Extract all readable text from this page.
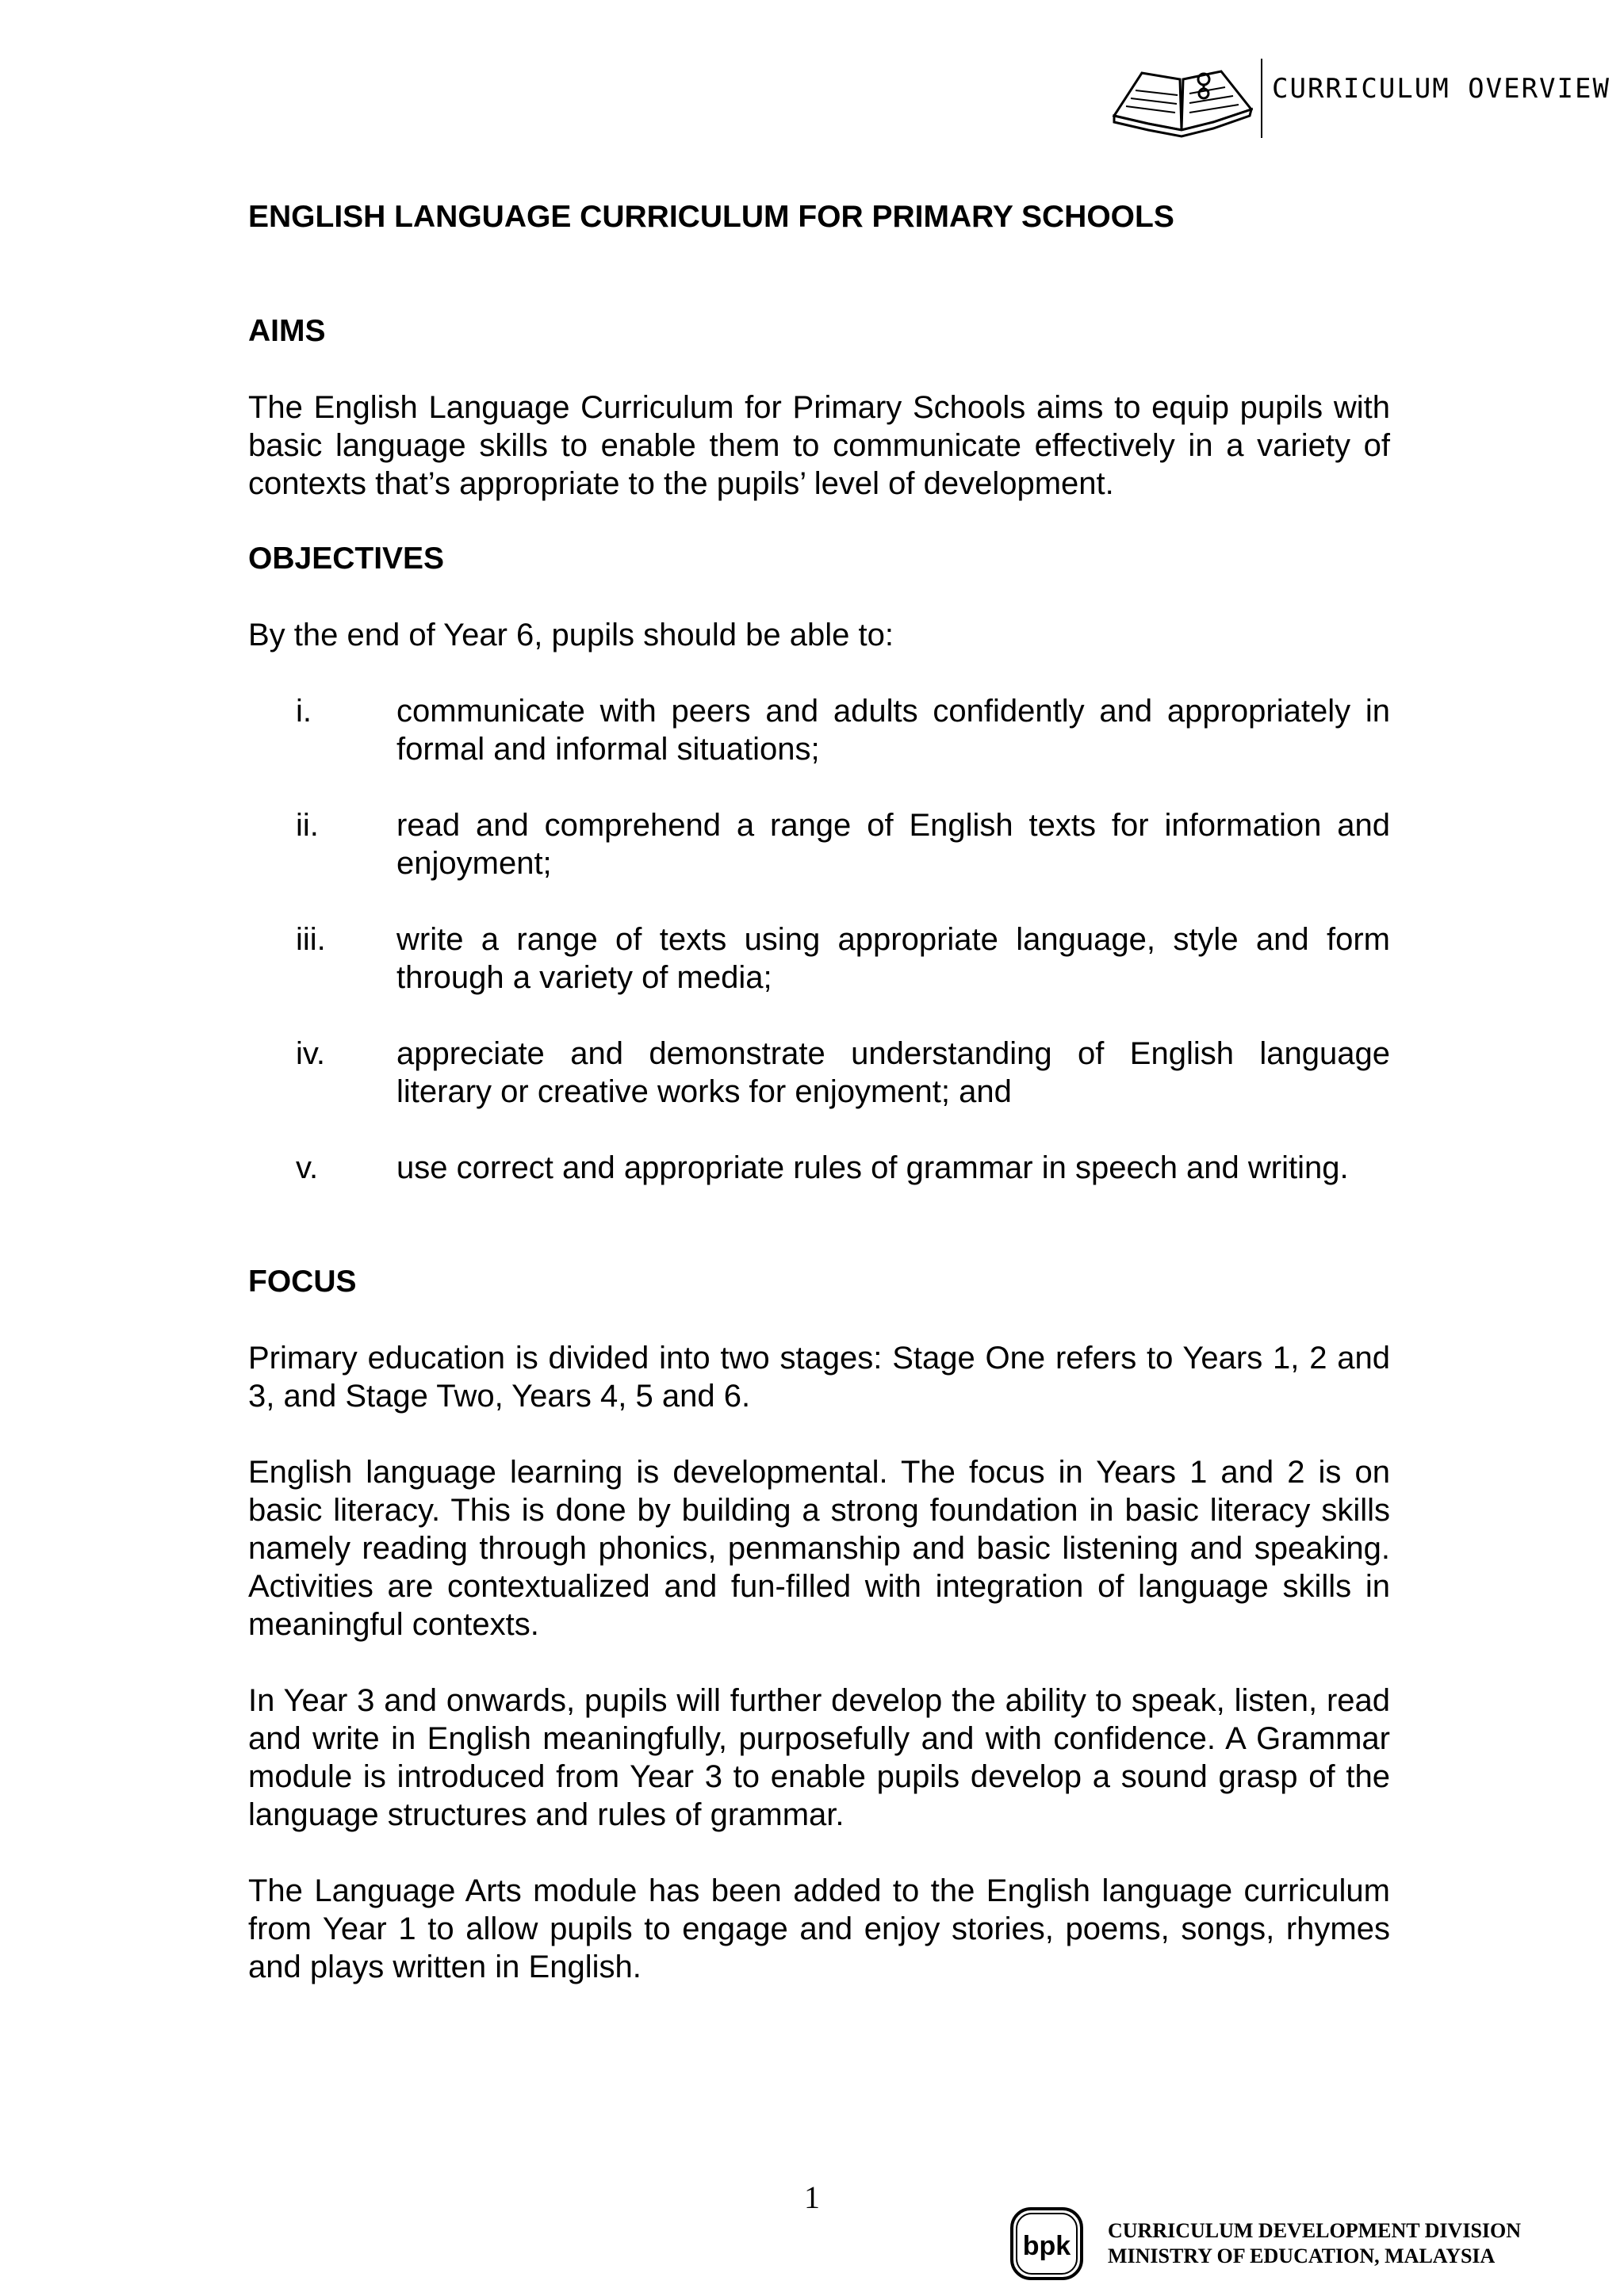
CURRICULUM OVERVIEW
ENGLISH LANGUAGE CURRICULUM FOR PRIMARY SCHOOLS
AIMS
The English Language Curriculum for Primary Schools aims to equip pupils with basic language skills to enable them to communicate effectively in a variety of contexts that’s appropriate to the pupils’ level of development.
OBJECTIVES
By the end of Year 6, pupils should be able to:
i.	communicate with peers and adults confidently and appropriately in formal and informal situations;
ii. read and comprehend a range of English texts for information and enjoyment;
iii. write a range of texts using appropriate language, style and form through a variety of media;
iv. appreciate and demonstrate understanding of English language literary or creative works for enjoyment; and
v. use correct and appropriate rules of grammar in speech and writing.
FOCUS
Primary education is divided into two stages: Stage One refers to Years 1, 2 and 3, and Stage Two, Years 4, 5 and 6.
English language learning is developmental. The focus in Years 1 and 2 is on basic literacy. This is done by building a strong foundation in basic literacy skills namely reading through phonics, penmanship and basic listening and speaking. Activities are contextualized and fun-filled with integration of language skills in meaningful contexts.
In Year 3 and onwards, pupils will further develop the ability to speak, listen, read and write in English meaningfully, purposefully and with confidence. A Grammar module is introduced from Year 3 to enable pupils develop a sound grasp of the language structures and rules of grammar.
The Language Arts module has been added to the English language curriculum from Year 1 to allow pupils to engage and enjoy stories, poems, songs, rhymes and plays written in English.
1
bpk
CURRICULUM DEVELOPMENT DIVISION
MINISTRY OF EDUCATION, MALAYSIA
